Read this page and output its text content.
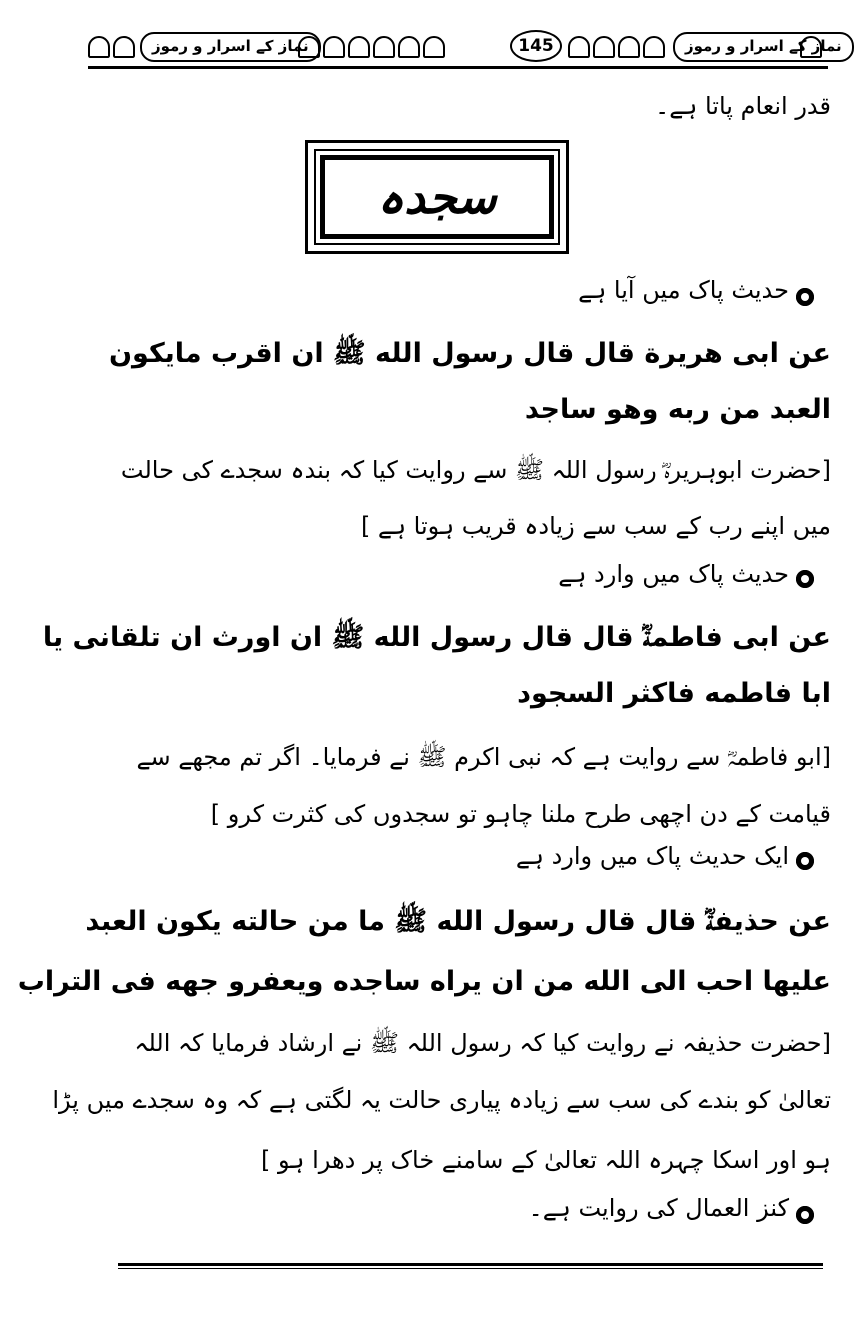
نماز کے اسرار و رموز	145	نماز کے اسرار و رموز
قدر انعام پاتا ہے۔
سجدہ
حدیث پاک میں آیا ہے
عن ابی هریرة قال قال رسول الله ﷺ ان اقرب مایکون
العبد من ربه وهو ساجد
[حضرت ابوہریرہؓ رسول اللہ ﷺ سے روایت کیا کہ بندہ سجدے کی حالت
میں اپنے رب کے سب سے زیادہ قریب ہوتا ہے ]
حدیث پاک میں وارد ہے
عن ابی فاطمةؓ قال قال رسول الله ﷺ ان اورث ان تلقانی یا
ابا فاطمه فاکثر السجود
[ابو فاطمہؓ سے روایت ہے کہ نبی اکرم ﷺ نے فرمایا۔ اگر تم مجھے سے
قیامت کے دن اچھی طرح ملنا چاہو تو سجدوں کی کثرت کرو ]
ایک حدیث پاک میں وارد ہے
عن حذیفةؓ قال قال رسول الله ﷺ ما من حالته یکون العبد
علیها احب الی الله من ان یراه ساجده ویعفرو جهه فی التراب
[حضرت حذیفہ نے روایت کیا کہ رسول اللہ ﷺ نے ارشاد فرمایا کہ اللہ
تعالیٰ کو بندے کی سب سے زیادہ پیاری حالت یہ لگتی ہے کہ وہ سجدے میں پڑا
ہو اور اسکا چہرہ اللہ تعالیٰ کے سامنے خاک پر دھرا ہو ]
کنز العمال کی روایت ہے۔
